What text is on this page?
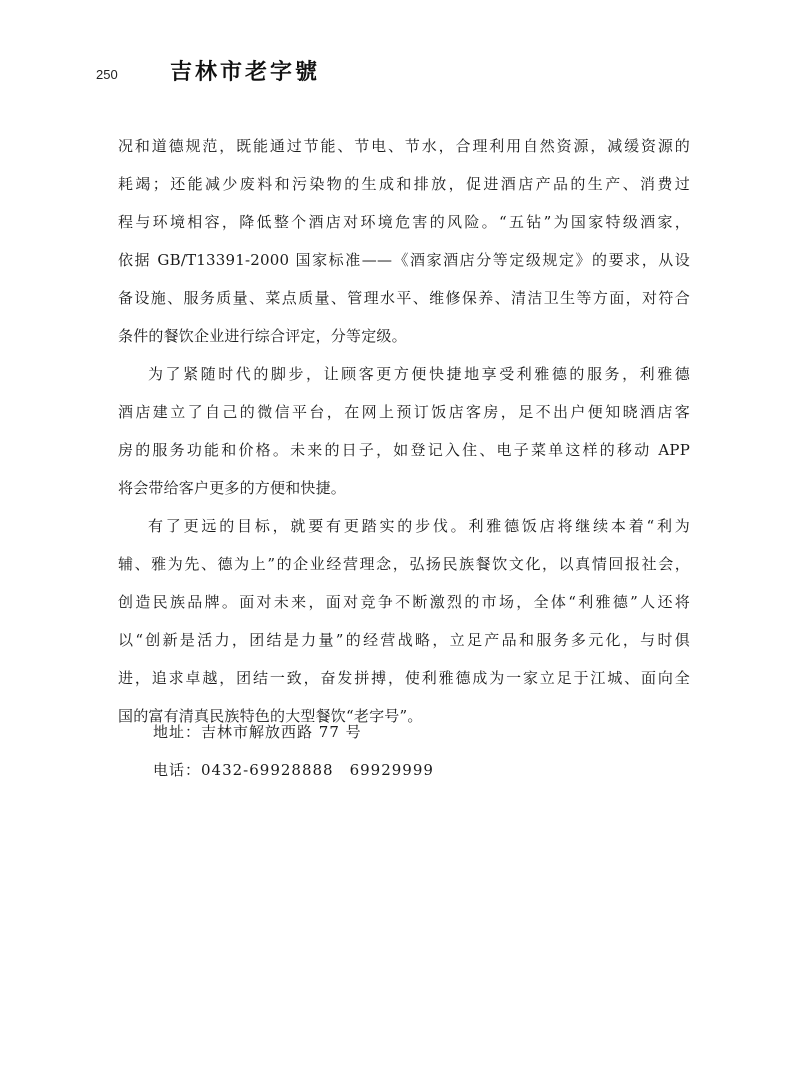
250	吉林市老字號
况和道德规范，既能通过节能、节电、节水，合理利用自然资源，减缓资源的
耗竭；还能减少废料和污染物的生成和排放，促进酒店产品的生产、消费过
程与环境相容，降低整个酒店对环境危害的风险。“五钻”为国家特级酒家，
依据 GB/T13391-2000 国家标准——《酒家酒店分等定级规定》的要求，从设
备设施、服务质量、菜点质量、管理水平、维修保养、清洁卫生等方面，对符合
条件的餐饮企业进行综合评定，分等定级。
为了紧随时代的脚步，让顾客更方便快捷地享受利雅德的服务，利雅德
酒店建立了自己的微信平台，在网上预订饭店客房，足不出户便知晓酒店客
房的服务功能和价格。未来的日子，如登记入住、电子菜单这样的移动 APP
将会带给客户更多的方便和快捷。
有了更远的目标，就要有更踏实的步伐。利雅德饭店将继续本着“利为
辅、雅为先、德为上”的企业经营理念，弘扬民族餐饮文化，以真情回报社会，
创造民族品牌。面对未来，面对竞争不断激烈的市场，全体“利雅德”人还将
以“创新是活力，团结是力量”的经营战略，立足产品和服务多元化，与时俱
进，追求卓越，团结一致，奋发拼搏，使利雅德成为一家立足于江城、面向全
国的富有清真民族特色的大型餐饮“老字号”。
地址：吉林市解放西路 77 号
电话：0432-69928888　69929999
